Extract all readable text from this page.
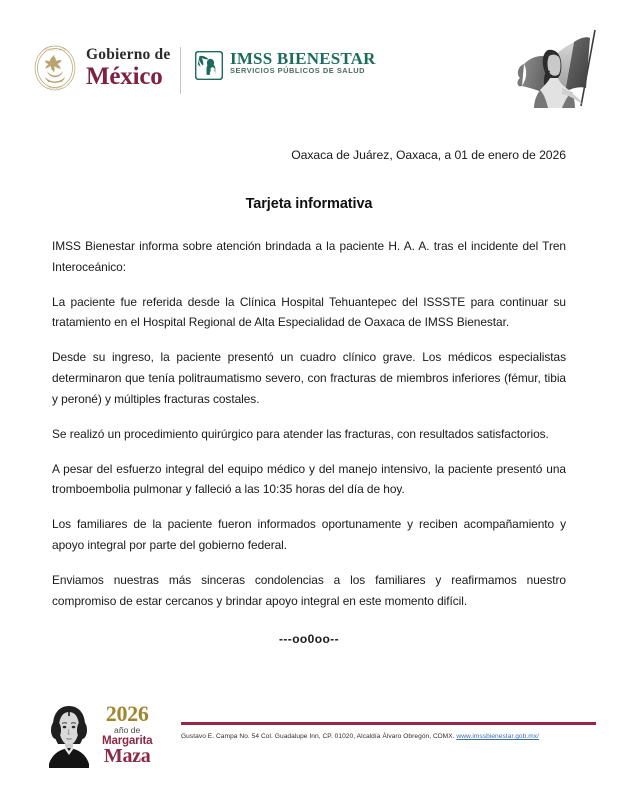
ESTADOS UNIDOS
MEXICANOS
Gobierno de
México
IMSS BIENESTAR
SERVICIOS PÚBLICOS DE SALUD
Oaxaca de Juárez, Oaxaca, a 01 de enero de 2026
Tarjeta informativa

IMSS Bienestar informa sobre atención brindada a la paciente H. A. A. tras el incidente del Tren Interoceánico:

La paciente fue referida desde la Clínica Hospital Tehuantepec del ISSSTE para continuar su tratamiento en el Hospital Regional de Alta Especialidad de Oaxaca de IMSS Bienestar.

Desde su ingreso, la paciente presentó un cuadro clínico grave. Los médicos especialistas determinaron que tenía politraumatismo severo, con fracturas de miembros inferiores (fémur, tibia y peroné) y múltiples fracturas costales.

Se realizó un procedimiento quirúrgico para atender las fracturas, con resultados satisfactorios.

A pesar del esfuerzo integral del equipo médico y del manejo intensivo, la paciente presentó una tromboembolia pulmonar y falleció a las 10:35 horas del día de hoy.

Los familiares de la paciente fueron informados oportunamente y reciben acompañamiento y apoyo integral por parte del gobierno federal.

Enviamos nuestras más sinceras condolencias a los familiares y reafirmamos nuestro compromiso de estar cercanos y brindar apoyo integral en este momento difícil.

---oo0oo--
2026
año de
Margarita
Maza
Gustavo E. Campa No. 54 Col. Guadalupe Inn, CP. 01020, Alcaldía Álvaro Obregón, CDMX. www.imssbienestar.gob.mx/
